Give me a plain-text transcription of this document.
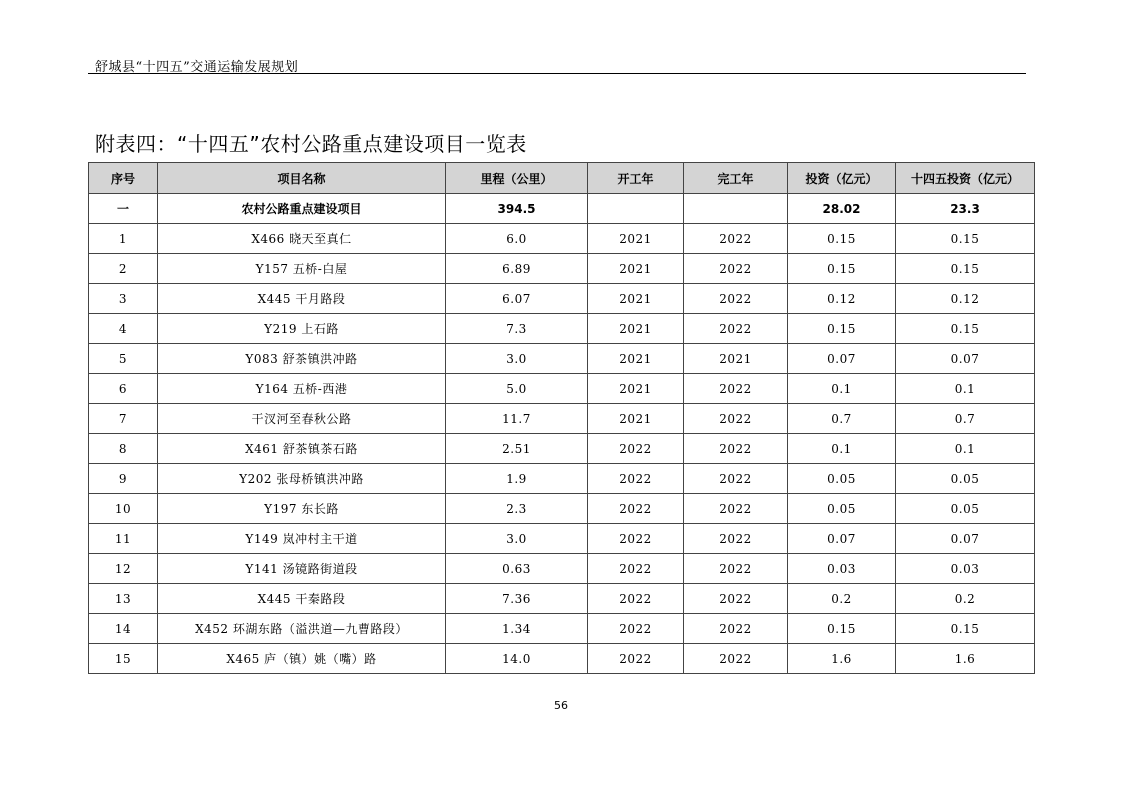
舒城县“十四五”交通运输发展规划
附表四：“十四五”农村公路重点建设项目一览表
序号	项目名称	里程（公里）	开工年	完工年	投资（亿元）	十四五投资（亿元）
一	农村公路重点建设项目	394.5			28.02	23.3
1	X466 晓天至真仁	6.0	2021	2022	0.15	0.15
2	Y157 五桥-白屋	6.89	2021	2022	0.15	0.15
3	X445 干月路段	6.07	2021	2022	0.12	0.12
4	Y219 上石路	7.3	2021	2022	0.15	0.15
5	Y083 舒茶镇洪冲路	3.0	2021	2021	0.07	0.07
6	Y164 五桥-西港	5.0	2021	2022	0.1	0.1
7	干汊河至春秋公路	11.7	2021	2022	0.7	0.7
8	X461 舒茶镇茶石路	2.51	2022	2022	0.1	0.1
9	Y202 张母桥镇洪冲路	1.9	2022	2022	0.05	0.05
10	Y197 东长路	2.3	2022	2022	0.05	0.05
11	Y149 岚冲村主干道	3.0	2022	2022	0.07	0.07
12	Y141 汤镜路街道段	0.63	2022	2022	0.03	0.03
13	X445 干秦路段	7.36	2022	2022	0.2	0.2
14	X452 环湖东路（溢洪道—九曹路段）	1.34	2022	2022	0.15	0.15
15	X465 庐（镇）姚（嘴）路	14.0	2022	2022	1.6	1.6
56
